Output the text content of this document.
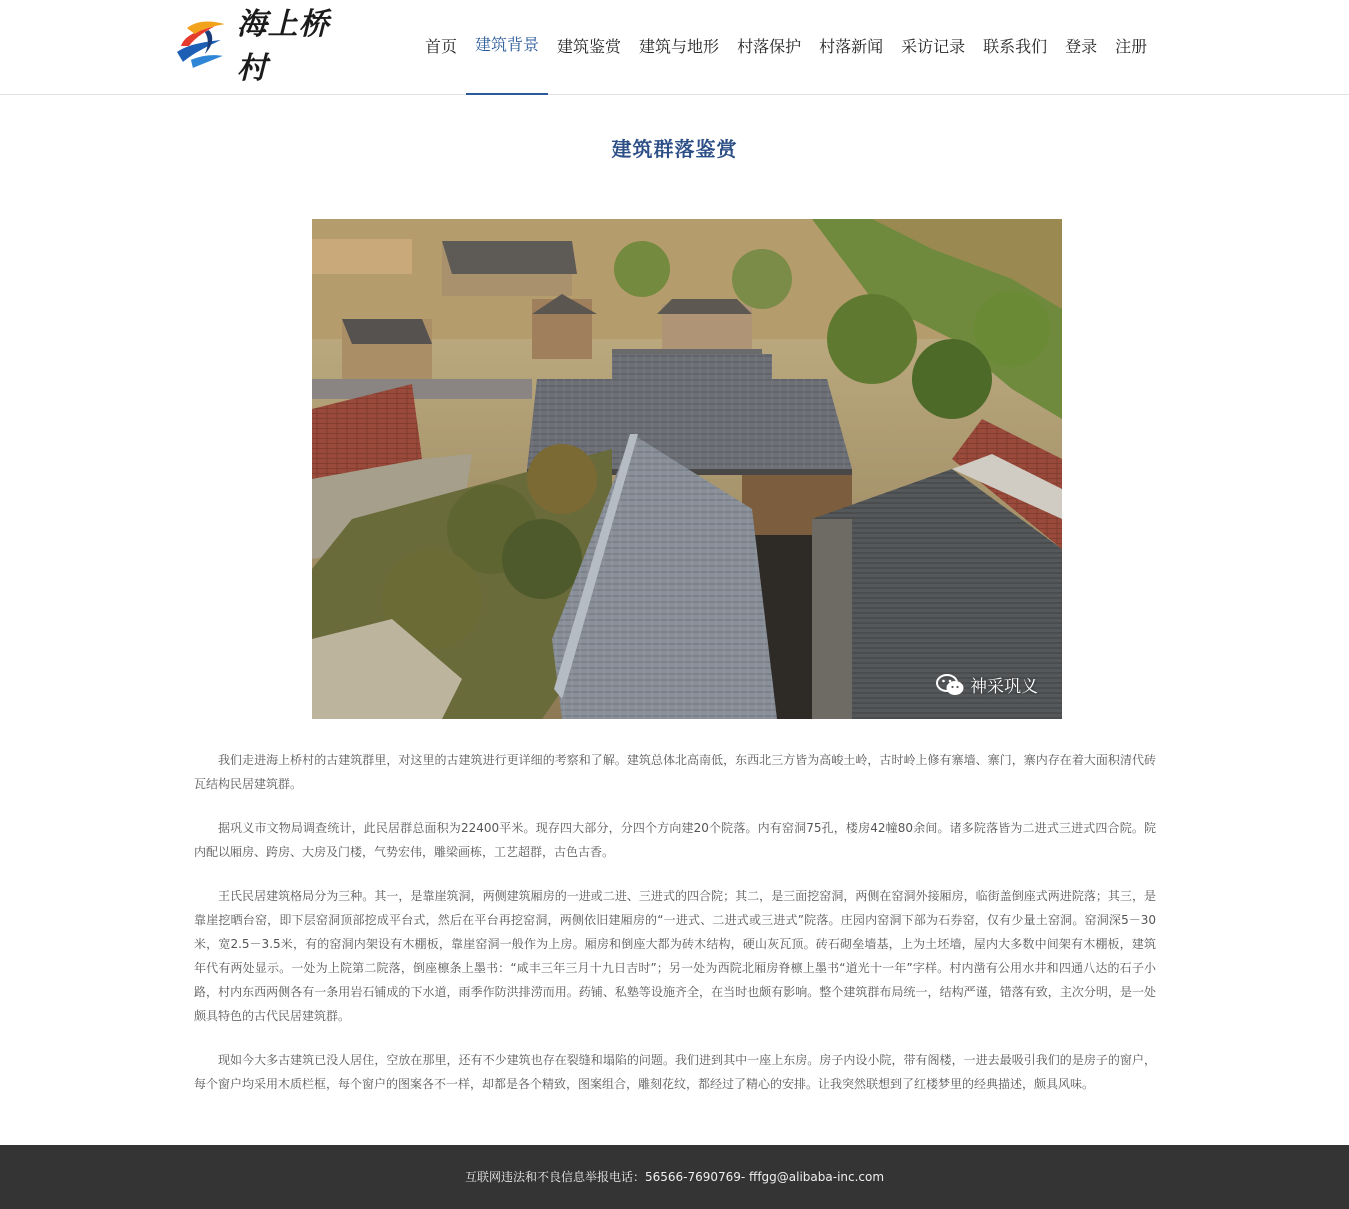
海上桥村
首页	建筑背景	建筑鉴赏	建筑与地形	村落保护	村落新闻	采访记录	联系我们	登录	注册
建筑群落鉴赏
神采巩义

我们走进海上桥村的古建筑群里，对这里的古建筑进行更详细的考察和了解。建筑总体北高南低，东西北三方皆为高峻土岭，古时岭上修有寨墙、寨门，寨内存在着大面积清代砖瓦结构民居建筑群。

据巩义市文物局调查统计，此民居群总面积为22400平米。现存四大部分，分四个方向建20个院落。内有窑洞75孔，楼房42幢80余间。诸多院落皆为二进式三进式四合院。院内配以厢房、跨房、大房及门楼，气势宏伟，雕梁画栋，工艺超群，古色古香。

王氏民居建筑格局分为三种。其一，是靠崖筑洞，两侧建筑厢房的一进或二进、三进式的四合院；其二，是三面挖窑洞，两侧在窑洞外接厢房，临街盖倒座式两进院落；其三，是靠崖挖晒台窑，即下层窑洞顶部挖成平台式，然后在平台再挖窑洞，两侧依旧建厢房的“一进式、二进式或三进式”院落。庄园内窑洞下部为石券窑，仅有少量土窑洞。窑洞深5－30米，宽2.5－3.5米，有的窑洞内架设有木棚板，靠崖窑洞一般作为上房。厢房和倒座大都为砖木结构，硬山灰瓦顶。砖石砌垒墙基，上为土坯墙，屋内大多数中间架有木棚板，建筑年代有两处显示。一处为上院第二院落，倒座檩条上墨书：“咸丰三年三月十九日吉时”；另一处为西院北厢房脊檩上墨书“道光十一年”字样。村内凿有公用水井和四通八达的石子小路，村内东西两侧各有一条用岩石铺成的下水道，雨季作防洪排涝而用。药铺、私塾等设施齐全，在当时也颇有影响。整个建筑群布局统一，结构严谨，错落有致，主次分明，是一处颇具特色的古代民居建筑群。

现如今大多古建筑已没人居住，空放在那里，还有不少建筑也存在裂缝和塌陷的问题。我们进到其中一座上东房。房子内设小院，带有阁楼，一进去最吸引我们的是房子的窗户，每个窗户均采用木质栏框，每个窗户的图案各不一样，却都是各个精致，图案组合，雕刻花纹，都经过了精心的安排。让我突然联想到了红楼梦里的经典描述，颇具风味。

互联网违法和不良信息举报电话：56566-7690769- fffgg@alibaba-inc.com
